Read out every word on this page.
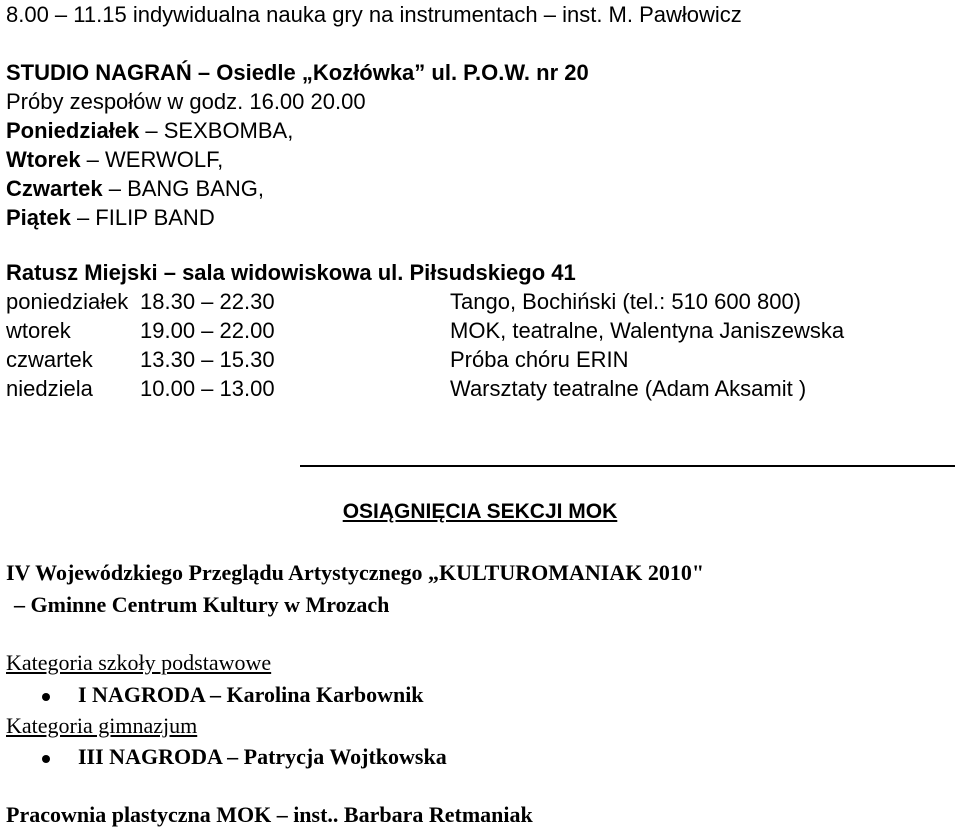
8.00 – 11.15 indywidualna nauka gry na instrumentach – inst. M. Pawłowicz
STUDIO NAGRAŃ – Osiedle „Kozłówka” ul. P.O.W. nr 20
Próby zespołów w godz. 16.00 20.00
Poniedziałek – SEXBOMBA,
Wtorek – WERWOLF,
Czwartek – BANG BANG,
Piątek – FILIP BAND
Ratusz Miejski – sala widowiskowa ul. Piłsudskiego 41
poniedziałek 18.30 – 22.30	Tango, Bochiński (tel.: 510 600 800)
wtorek	19.00 – 22.00	MOK, teatralne, Walentyna Janiszewska
czwartek 13.30 – 15.30	Próba chóru ERIN
niedziela 10.00 – 13.00	Warsztaty teatralne (Adam Aksamit )
OSIĄGNIĘCIA SEKCJI MOK
IV Wojewódzkiego Przeglądu Artystycznego „KULTUROMANIAK 2010"
– Gminne Centrum Kultury w Mrozach
Kategoria szkoły podstawowe
I NAGRODA – Karolina Karbownik
Kategoria gimnazjum
III NAGRODA – Patrycja Wojtkowska
Pracownia plastyczna MOK – inst.. Barbara Retmaniak
